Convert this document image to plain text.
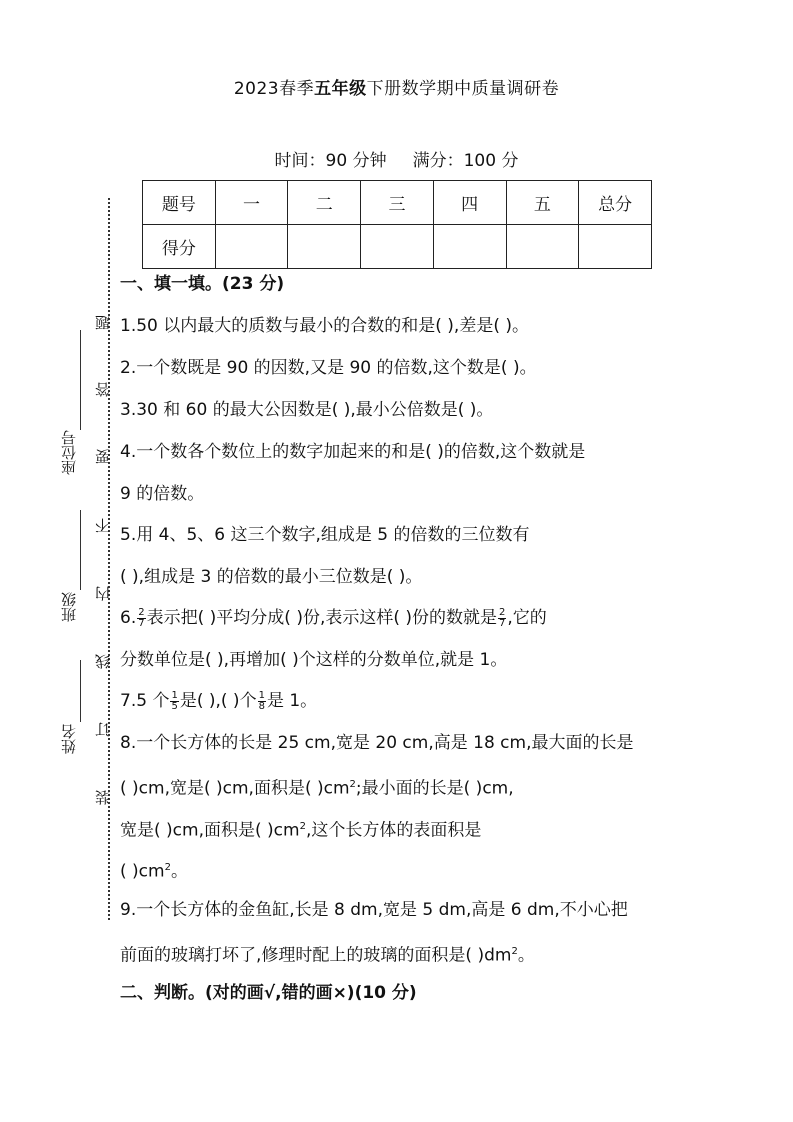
2023春季五年级下册数学期中质量调研卷
时间：90 分钟 满分：100 分
题号	一	二	三	四	五	总分
得分						
座位号
班级
姓名
题
答
要
不
内
线
订
装
一、填一填。(23 分)
1.50 以内最大的质数与最小的合数的和是( ),差是( )。
2.一个数既是 90 的因数,又是 90 的倍数,这个数是( )。
3.30 和 60 的最大公因数是( ),最小公倍数是( )。
4.一个数各个数位上的数字加起来的和是( )的倍数,这个数就是
9 的倍数。
5.用 4、5、6 这三个数字,组成是 5 的倍数的三位数有
( ),组成是 3 的倍数的最小三位数是( )。
6. $\frac{2}{7}$ 表示把( )平均分成( )份,表示这样( )份的数就是 $\frac{2}{7}$ ,它的
分数单位是( ),再增加( )个这样的分数单位,就是 1。
7.5 个 $\frac{1}{5}$ 是( ),( )个 $\frac{1}{8}$ 是 1。
8.一个长方体的长是 25 cm,宽是 20 cm,高是 18 cm,最大面的长是
( )cm,宽是( )cm,面积是( )$cm^2$;最小面的长是( )cm,
宽是( )cm,面积是( )$cm^2$,这个长方体的表面积是
( )$cm^2$。
9.一个长方体的金鱼缸,长是 8 dm,宽是 5 dm,高是 6 dm,不小心把
前面的玻璃打坏了,修理时配上的玻璃的面积是( )$dm^2$。
二、判断。(对的画√,错的画×)(10 分)
